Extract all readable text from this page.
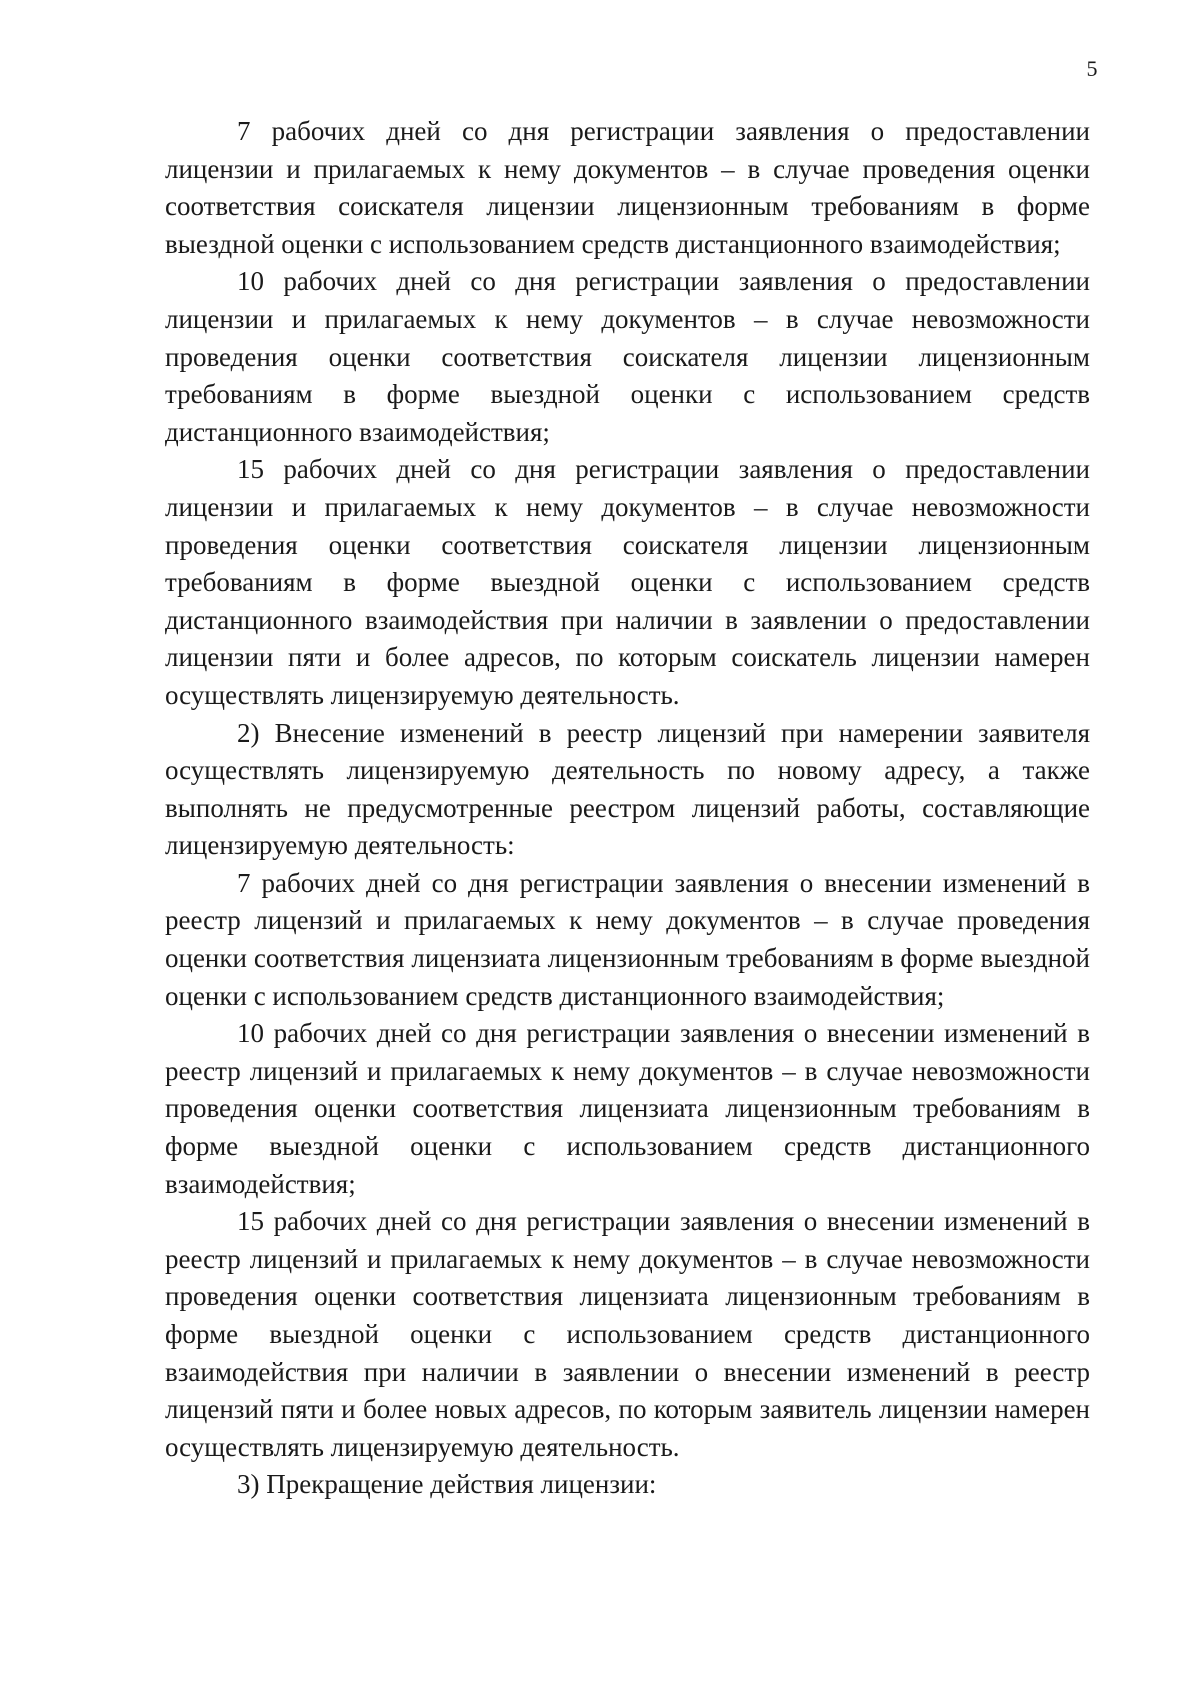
5

7 рабочих дней со дня регистрации заявления о предоставлении лицензии и прилагаемых к нему документов – в случае проведения оценки соответствия соискателя лицензии лицензионным требованиям в форме выездной оценки с использованием средств дистанционного взаимодействия;

10 рабочих дней со дня регистрации заявления о предоставлении лицензии и прилагаемых к нему документов – в случае невозможности проведения оценки соответствия соискателя лицензии лицензионным требованиям в форме выездной оценки с использованием средств дистанционного взаимодействия;

15 рабочих дней со дня регистрации заявления о предоставлении лицензии и прилагаемых к нему документов – в случае невозможности проведения оценки соответствия соискателя лицензии лицензионным требованиям в форме выездной оценки с использованием средств дистанционного взаимодействия при наличии в заявлении о предоставлении лицензии пяти и более адресов, по которым соискатель лицензии намерен осуществлять лицензируемую деятельность.

2) Внесение изменений в реестр лицензий при намерении заявителя осуществлять лицензируемую деятельность по новому адресу, а также выполнять не предусмотренные реестром лицензий работы, составляющие лицензируемую деятельность:

7 рабочих дней со дня регистрации заявления о внесении изменений в реестр лицензий и прилагаемых к нему документов – в случае проведения оценки соответствия лицензиата лицензионным требованиям в форме выездной оценки с использованием средств дистанционного взаимодействия;

10 рабочих дней со дня регистрации заявления о внесении изменений в реестр лицензий и прилагаемых к нему документов – в случае невозможности проведения оценки соответствия лицензиата лицензионным требованиям в форме выездной оценки с использованием средств дистанционного взаимодействия;

15 рабочих дней со дня регистрации заявления о внесении изменений в реестр лицензий и прилагаемых к нему документов – в случае невозможности проведения оценки соответствия лицензиата лицензионным требованиям в форме выездной оценки с использованием средств дистанционного взаимодействия при наличии в заявлении о внесении изменений в реестр лицензий пяти и более новых адресов, по которым заявитель лицензии намерен осуществлять лицензируемую деятельность.

3) Прекращение действия лицензии:
